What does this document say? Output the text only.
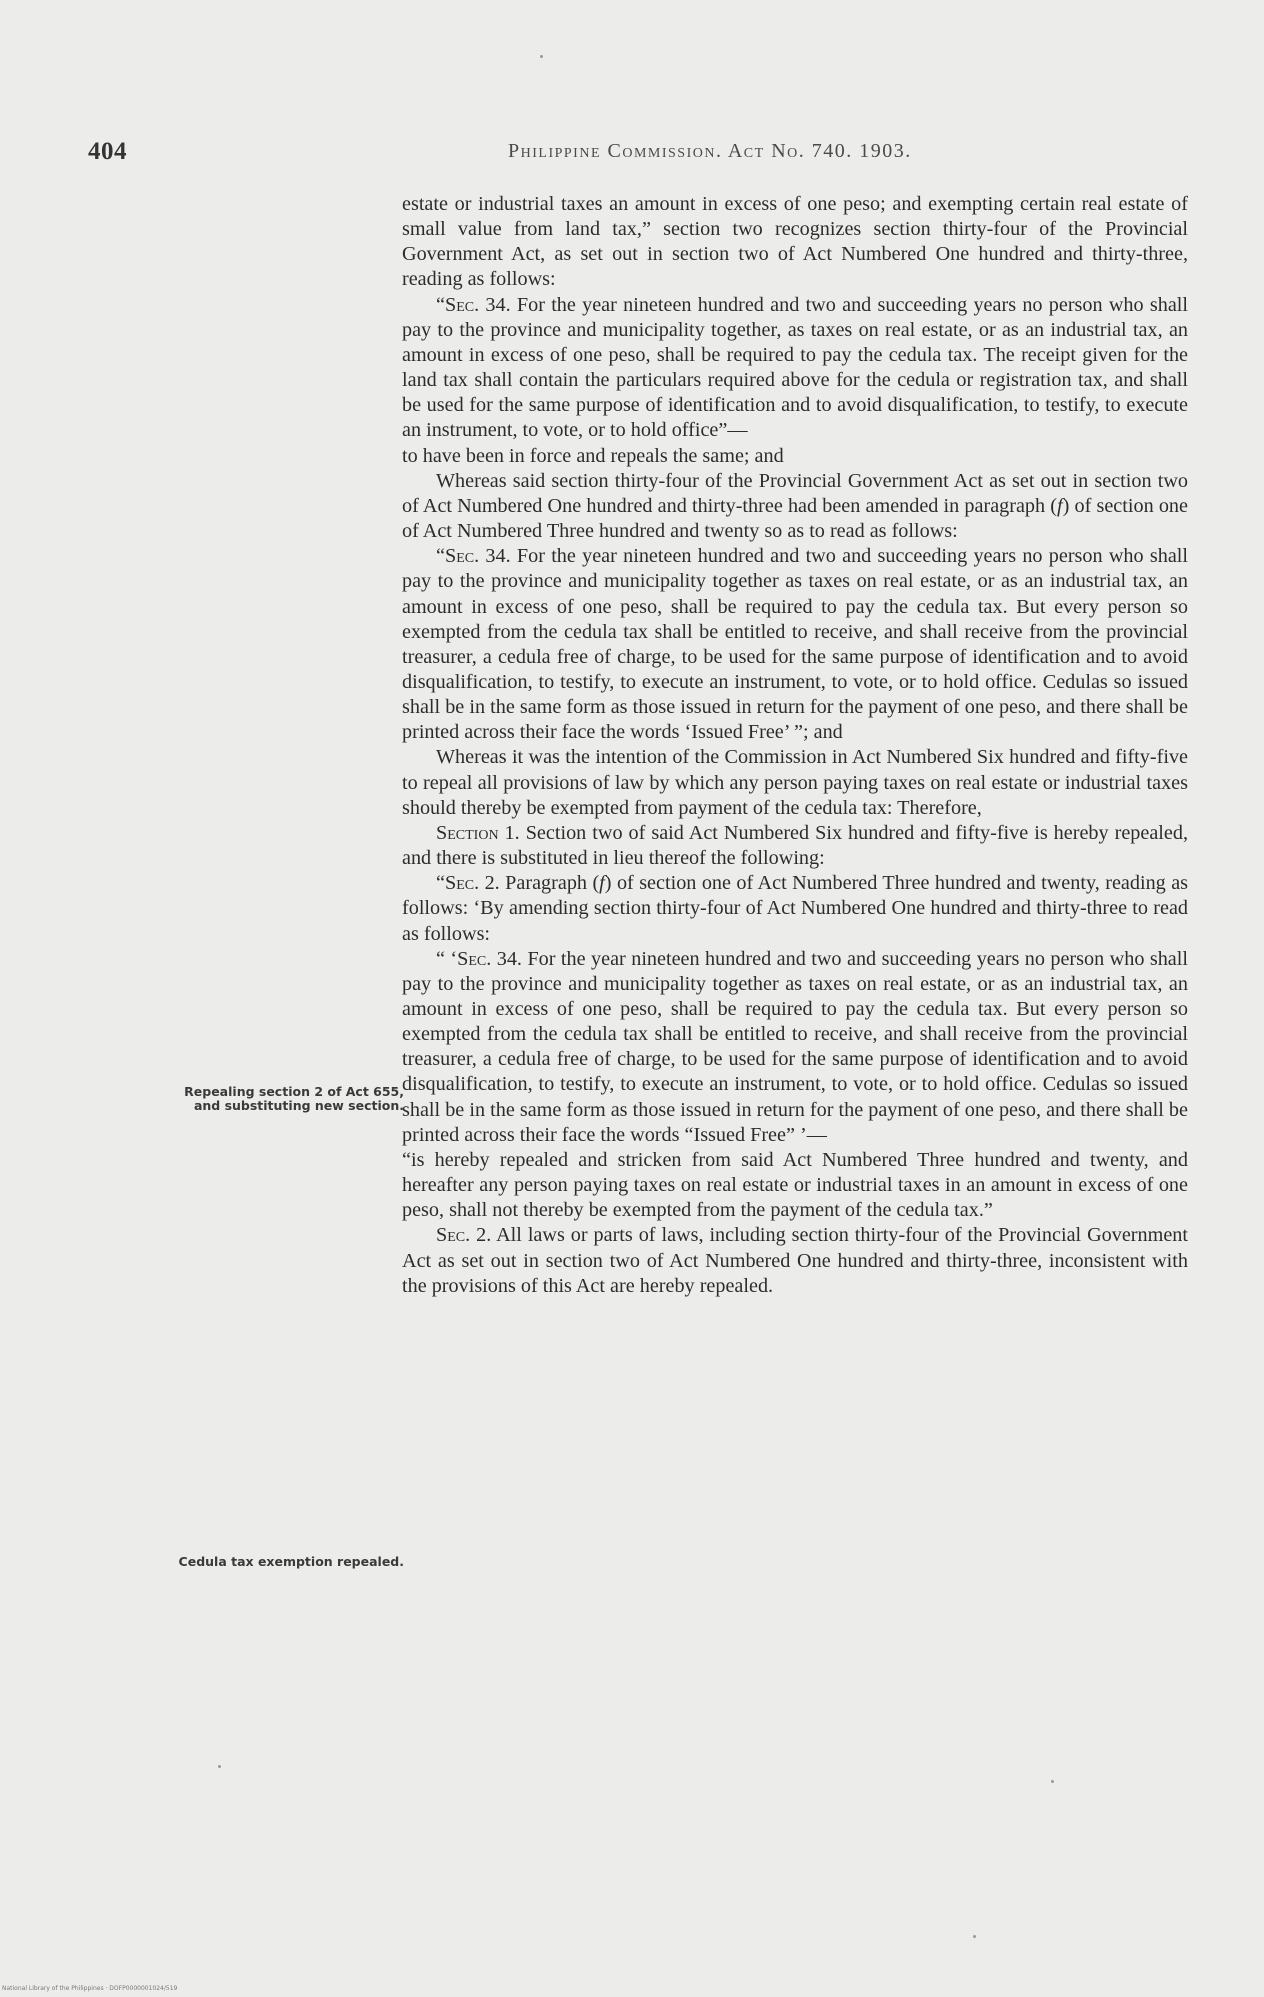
404	Philippine Commission. Act No. 740. 1903.
Repealing section 2 of Act 655, and substituting new section.
Cedula tax exemption repealed.

estate or industrial taxes an amount in excess of one peso; and exempting certain real estate of small value from land tax,” section two recognizes section thirty-four of the Provincial Government Act, as set out in section two of Act Numbered One hundred and thirty-three, reading as follows:

“Sec. 34. For the year nineteen hundred and two and succeeding years no person who shall pay to the province and municipality together, as taxes on real estate, or as an industrial tax, an amount in excess of one peso, shall be required to pay the cedula tax. The receipt given for the land tax shall contain the particulars required above for the cedula or registration tax, and shall be used for the same purpose of identification and to avoid disqualification, to testify, to execute an instrument, to vote, or to hold office”—

to have been in force and repeals the same; and

Whereas said section thirty-four of the Provincial Government Act as set out in section two of Act Numbered One hundred and thirty-three had been amended in paragraph (f) of section one of Act Numbered Three hundred and twenty so as to read as follows:

“Sec. 34. For the year nineteen hundred and two and succeeding years no person who shall pay to the province and municipality together as taxes on real estate, or as an industrial tax, an amount in excess of one peso, shall be required to pay the cedula tax. But every person so exempted from the cedula tax shall be entitled to receive, and shall receive from the provincial treasurer, a cedula free of charge, to be used for the same purpose of identification and to avoid disqualification, to testify, to execute an instrument, to vote, or to hold office. Cedulas so issued shall be in the same form as those issued in return for the payment of one peso, and there shall be printed across their face the words ‘Issued Free’ ”; and

Whereas it was the intention of the Commission in Act Numbered Six hundred and fifty-five to repeal all provisions of law by which any person paying taxes on real estate or industrial taxes should thereby be exempted from payment of the cedula tax: Therefore,

Section 1. Section two of said Act Numbered Six hundred and fifty-five is hereby repealed, and there is substituted in lieu thereof the following:

“Sec. 2. Paragraph (f) of section one of Act Numbered Three hundred and twenty, reading as follows: ‘By amending section thirty-four of Act Numbered One hundred and thirty-three to read as follows:

“ ‘Sec. 34. For the year nineteen hundred and two and succeeding years no person who shall pay to the province and municipality together as taxes on real estate, or as an industrial tax, an amount in excess of one peso, shall be required to pay the cedula tax. But every person so exempted from the cedula tax shall be entitled to receive, and shall receive from the provincial treasurer, a cedula free of charge, to be used for the same purpose of identification and to avoid disqualification, to testify, to execute an instrument, to vote, or to hold office. Cedulas so issued shall be in the same form as those issued in return for the payment of one peso, and there shall be printed across their face the words “Issued Free” ’—

“is hereby repealed and stricken from said Act Numbered Three hundred and twenty, and hereafter any person paying taxes on real estate or industrial taxes in an amount in excess of one peso, shall not thereby be exempted from the payment of the cedula tax.”

Sec. 2. All laws or parts of laws, including section thirty-four of the Provincial Government Act as set out in section two of Act Numbered One hundred and thirty-three, inconsistent with the provisions of this Act are hereby repealed.

National Library of the Philippines · DOFP0000001024/519
